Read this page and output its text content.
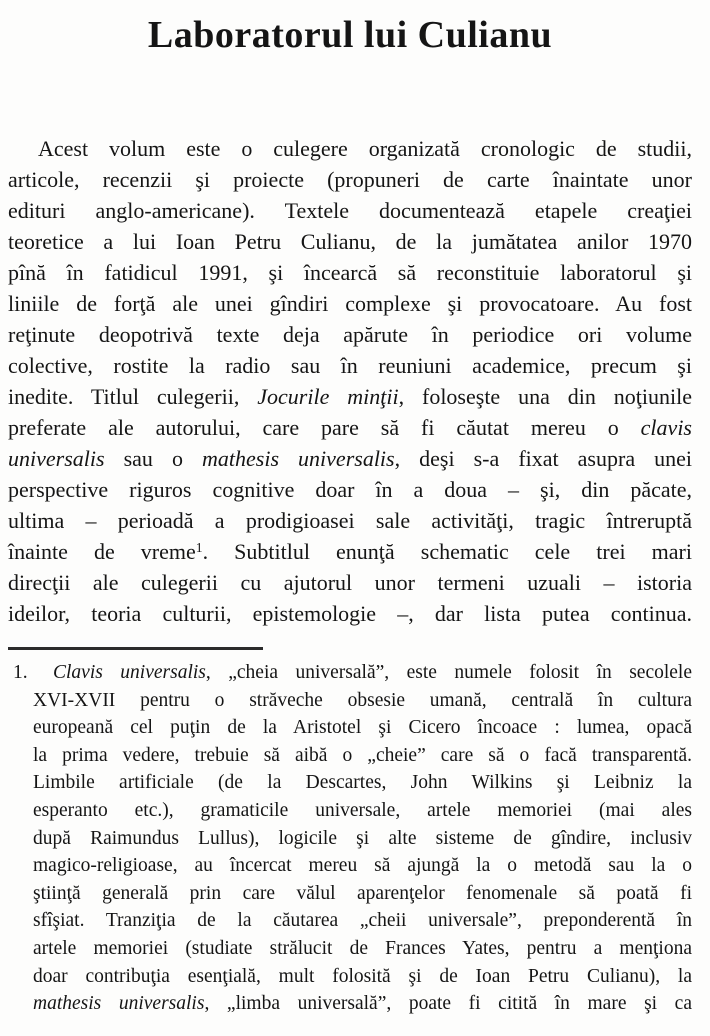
Laboratorul lui Culianu
Acest volum este o culegere organizată cronologic de studii,
articole, recenzii şi proiecte (propuneri de carte înaintate unor
edituri anglo-americane). Textele documentează etapele creaţiei
teoretice a lui Ioan Petru Culianu, de la jumătatea anilor 1970
pînă în fatidicul 1991, şi încearcă să reconstituie laboratorul şi
liniile de forţă ale unei gîndiri complexe şi provocatoare. Au fost
reţinute deopotrivă texte deja apărute în periodice ori volume
colective, rostite la radio sau în reuniuni academice, precum şi
inedite. Titlul culegerii, Jocurile minţii, foloseşte una din noţiunile
preferate ale autorului, care pare să fi căutat mereu o clavis
universalis sau o mathesis universalis, deşi s-a fixat asupra unei
perspective riguros cognitive doar în a doua – şi, din păcate,
ultima – perioadă a prodigioasei sale activităţi, tragic întreruptă
înainte de vreme$^1$. Subtitlul enunţă schematic cele trei mari
direcţii ale culegerii cu ajutorul unor termeni uzuali – istoria
ideilor, teoria culturii, epistemologie –, dar lista putea continua.
1.	Clavis universalis, „cheia universală”, este numele folosit în secolele
XVI-XVII pentru o străveche obsesie umană, centrală în cultura
europeană cel puţin de la Aristotel şi Cicero încoace : lumea, opacă
la prima vedere, trebuie să aibă o „cheie” care să o facă transparentă.
Limbile artificiale (de la Descartes, John Wilkins şi Leibniz la
esperanto etc.), gramaticile universale, artele memoriei (mai ales
după Raimundus Lullus), logicile şi alte sisteme de gîndire, inclusiv
magico-religioase, au încercat mereu să ajungă la o metodă sau la o
ştiinţă generală prin care vălul aparenţelor fenomenale să poată fi
sfîşiat. Tranziţia de la căutarea „cheii universale”, preponderentă în
artele memoriei (studiate strălucit de Frances Yates, pentru a menţiona
doar contribuţia esenţială, mult folosită şi de Ioan Petru Culianu), la
mathesis universalis, „limba universală”, poate fi citită în mare şi ca
